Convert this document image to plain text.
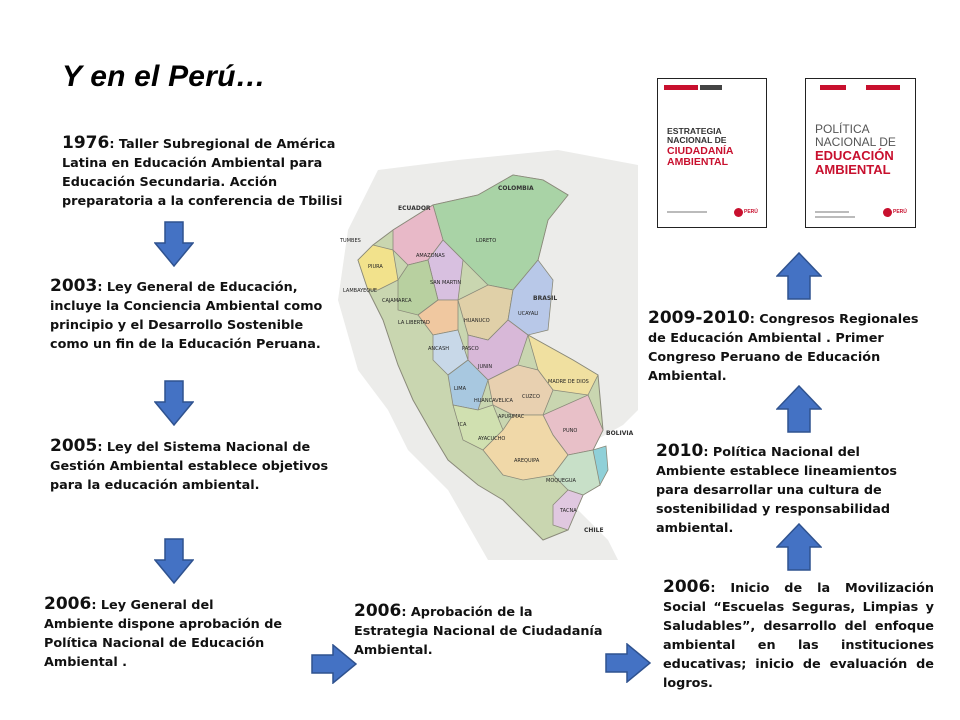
Y en el Perú…
1976: Taller Subregional de América Latina en Educación Ambiental para Educación Secundaria. Acción preparatoria a la conferencia de Tbilisi
2003: Ley General de Educación, incluye la Conciencia Ambiental como principio y el Desarrollo Sostenible
como un fin de la Educación Peruana.
2005: Ley del Sistema Nacional de Gestión Ambiental establece objetivos para la educación ambiental.
2006: Ley General del Ambiente dispone aprobación de Política Nacional de Educación Ambiental .
2006: Aprobación de la Estrategia Nacional de Ciudadanía Ambiental.
2006: Inicio de la Movilización Social “Escuelas Seguras, Limpias y Saludables”, desarrollo del enfoque ambiental en las instituciones educativas; inicio de evaluación de logros.
2010: Política Nacional del Ambiente establece lineamientos para desarrollar una cultura de sostenibilidad y responsabilidad ambiental.
2009-2010: Congresos Regionales de Educación Ambiental . Primer Congreso Peruano de Educación Ambiental.
ESTRATEGIA
NACIONAL DE
CIUDADANÍA
AMBIENTAL
PERÚ
POLÍTICA
NACIONAL DE
EDUCACIÓN
AMBIENTAL
PERÚ
COLOMBIA
ECUADOR
BRASIL
BOLIVIA
CHILE
TUMBES
PIURA
LAMBAYEQUE
CAJAMARCA
AMAZONAS
LORETO
SAN MARTIN
LA LIBERTAD
ANCASH
HUANUCO
UCAYALI
PASCO
JUNIN
LIMA
MADRE DE DIOS
HUANCAVELICA
CUZCO
ICA
APURIMAC
AYACUCHO
PUNO
AREQUIPA
MOQUEGUA
TACNA
